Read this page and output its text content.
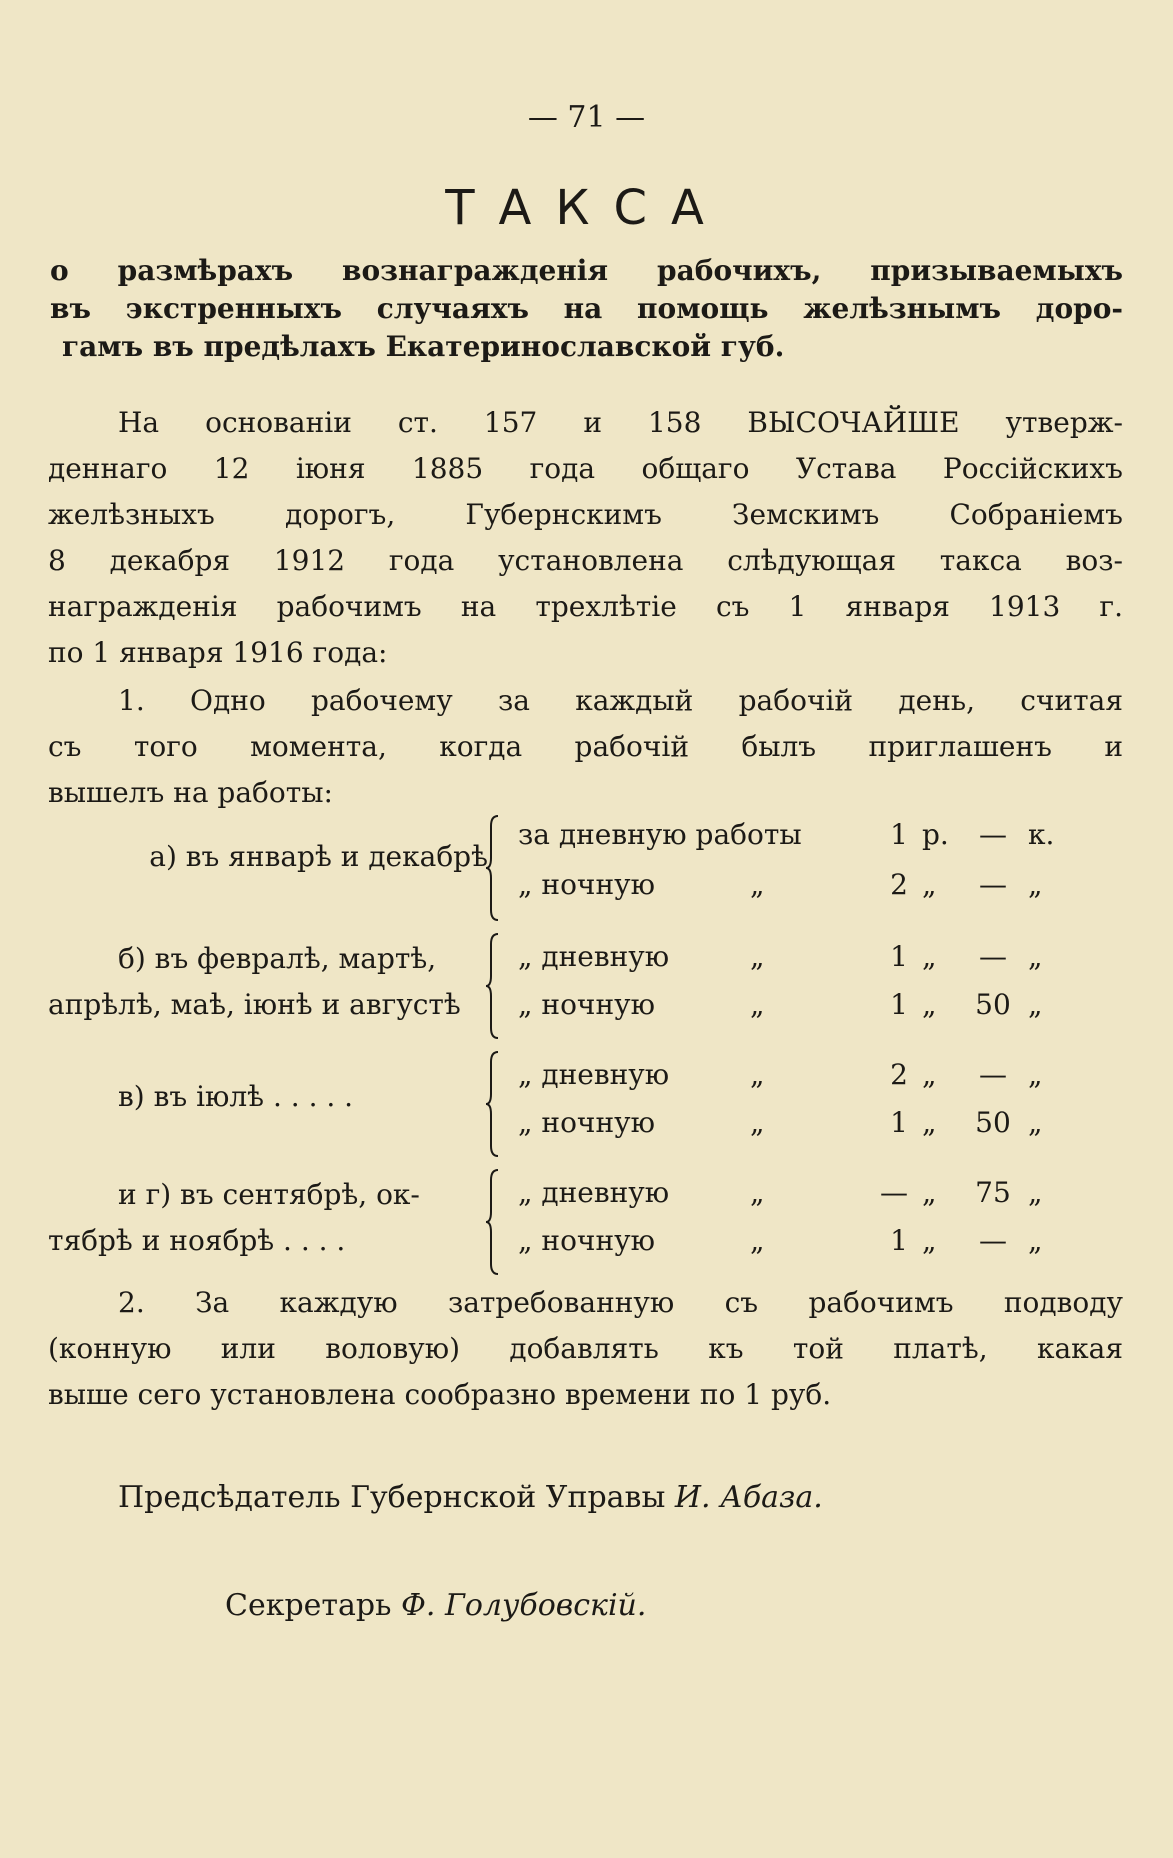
— 71 —
ТАКСА
о размѣрахъ вознагражденія рабочихъ, призываемыхъ
въ экстренныхъ случаяхъ на помощь желѣзнымъ доро-
гамъ въ предѣлахъ Екатеринославской губ.
На основаніи ст. 157 и 158 ВЫСОЧАЙШЕ утверж-
деннаго 12 іюня 1885 года общаго Устава Россійскихъ
желѣзныхъ дорогъ, Губернскимъ Земскимъ Собраніемъ
8 декабря 1912 года установлена слѣдующая такса воз-
награжденія рабочимъ на трехлѣтіе съ 1 января 1913 г.
по 1 января 1916 года:
1. Одно рабочему за каждый рабочій день, считая
съ того момента, когда рабочій былъ приглашенъ и
вышелъ на работы:
а) въ январѣ и декабрѣ
за дневную работы	1 р.	— к.
„ ночную	„	2 „	— „
б) въ февралѣ, мартѣ,
апрѣлѣ, маѣ, іюнѣ и августѣ
„ дневную	„	1 „	— „
„ ночную	„	1 „	50 „
в) въ іюлѣ . . . . .
„ дневную	„	2 „	— „
„ ночную	„	1 „	50 „
и г) въ сентябрѣ, ок-
тябрѣ и ноябрѣ . . . .
„ дневную	„	— „	75 „
„ ночную	„	1 „	— „
2. За каждую затребованную съ рабочимъ подводу
(конную или воловую) добавлять къ той платѣ, какая
выше сего установлена сообразно времени по 1 руб.
Предсѣдатель Губернской Управы И. Абаза.
Секретарь Ф. Голубовскій.
